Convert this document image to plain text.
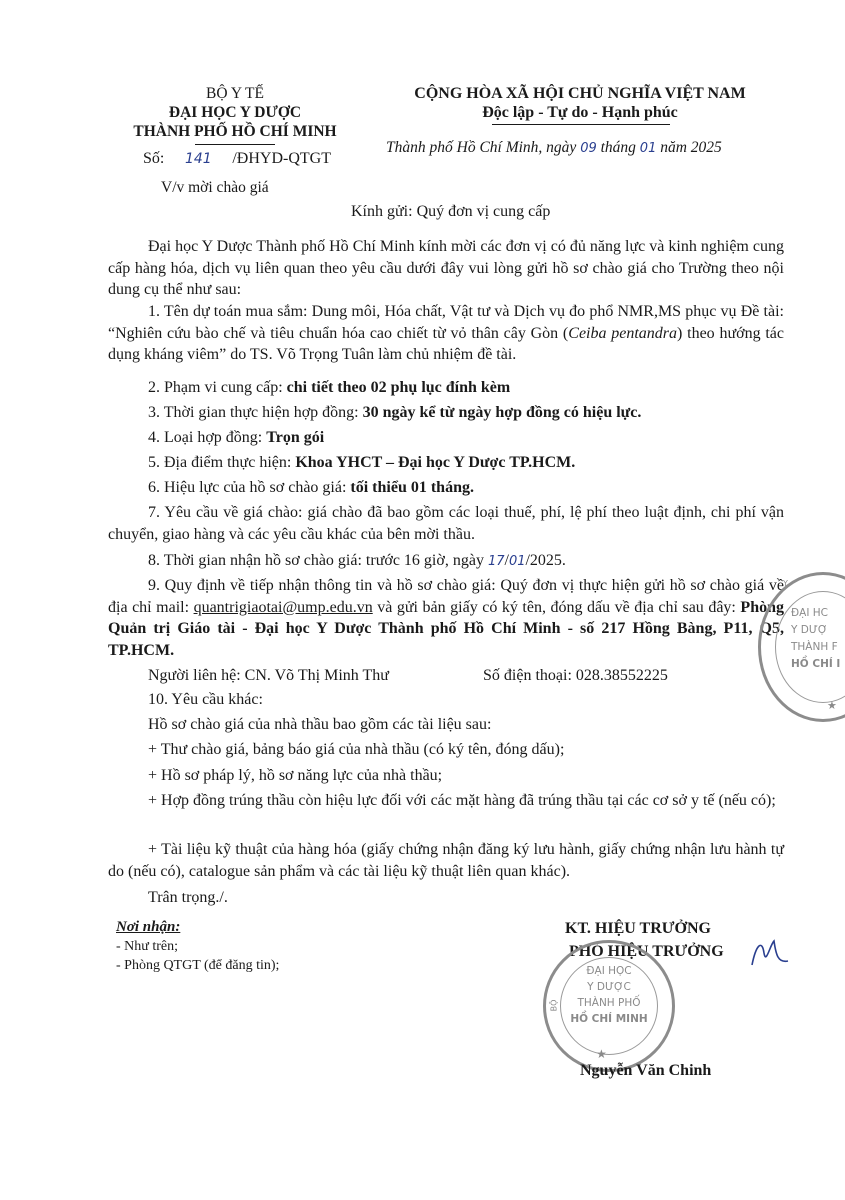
BỘ Y TẾ
ĐẠI HỌC Y DƯỢC
THÀNH PHỐ HỒ CHÍ MINH
Số: 141 /ĐHYD-QTGT
V/v mời chào giá
CỘNG HÒA XÃ HỘI CHỦ NGHĨA VIỆT NAM
Độc lập - Tự do - Hạnh phúc
Thành phố Hồ Chí Minh, ngày 09 tháng 01 năm 2025
Kính gửi: Quý đơn vị cung cấp
Đại học Y Dược Thành phố Hồ Chí Minh kính mời các đơn vị có đủ năng lực và kinh nghiệm cung cấp hàng hóa, dịch vụ liên quan theo yêu cầu dưới đây vui lòng gửi hồ sơ chào giá cho Trường theo nội dung cụ thể như sau:
1. Tên dự toán mua sắm: Dung môi, Hóa chất, Vật tư và Dịch vụ đo phổ NMR,MS phục vụ Đề tài: “Nghiên cứu bào chế và tiêu chuẩn hóa cao chiết từ vỏ thân cây Gòn (Ceiba pentandra) theo hướng tác dụng kháng viêm” do TS. Võ Trọng Tuân làm chủ nhiệm đề tài.
2. Phạm vi cung cấp: chi tiết theo 02 phụ lục đính kèm
3. Thời gian thực hiện hợp đồng: 30 ngày kể từ ngày hợp đồng có hiệu lực.
4. Loại hợp đồng: Trọn gói
5. Địa điểm thực hiện: Khoa YHCT – Đại học Y Dược TP.HCM.
6. Hiệu lực của hồ sơ chào giá: tối thiểu 01 tháng.
7. Yêu cầu về giá chào: giá chào đã bao gồm các loại thuế, phí, lệ phí theo luật định, chi phí vận chuyển, giao hàng và các yêu cầu khác của bên mời thầu.
8. Thời gian nhận hồ sơ chào giá: trước 16 giờ, ngày 17/01/2025.
9. Quy định về tiếp nhận thông tin và hồ sơ chào giá: Quý đơn vị thực hiện gửi hồ sơ chào giá về địa chỉ mail: quantrigiaotai@ump.edu.vn và gửi bản giấy có ký tên, đóng dấu về địa chỉ sau đây: Phòng Quản trị Giáo tài - Đại học Y Dược Thành phố Hồ Chí Minh - số 217 Hồng Bàng, P11, Q5, TP.HCM.
Người liên hệ: CN. Võ Thị Minh Thư	Số điện thoại: 028.38552225
10. Yêu cầu khác:
Hồ sơ chào giá của nhà thầu bao gồm các tài liệu sau:
+ Thư chào giá, bảng báo giá của nhà thầu (có ký tên, đóng dấu);
+ Hồ sơ pháp lý, hồ sơ năng lực của nhà thầu;
+ Hợp đồng trúng thầu còn hiệu lực đối với các mặt hàng đã trúng thầu tại các cơ sở y tế (nếu có);
+ Tài liệu kỹ thuật của hàng hóa (giấy chứng nhận đăng ký lưu hành, giấy chứng nhận lưu hành tự do (nếu có), catalogue sản phẩm và các tài liệu kỹ thuật liên quan khác).
Trân trọng./.
Nơi nhận:
- Như trên;
- Phòng QTGT (để đăng tin);
KT. HIỆU TRƯỞNG
PHÓ HIỆU TRƯỞNG
ĐẠI HỌC
Y DƯỢC
THÀNH PHỐ
HỒ CHÍ MINH
BỘ
★
Nguyễn Văn Chinh
Y
ĐẠI HC
Y DƯỢ
THÀNH F
HỒ CHÍ I
★
